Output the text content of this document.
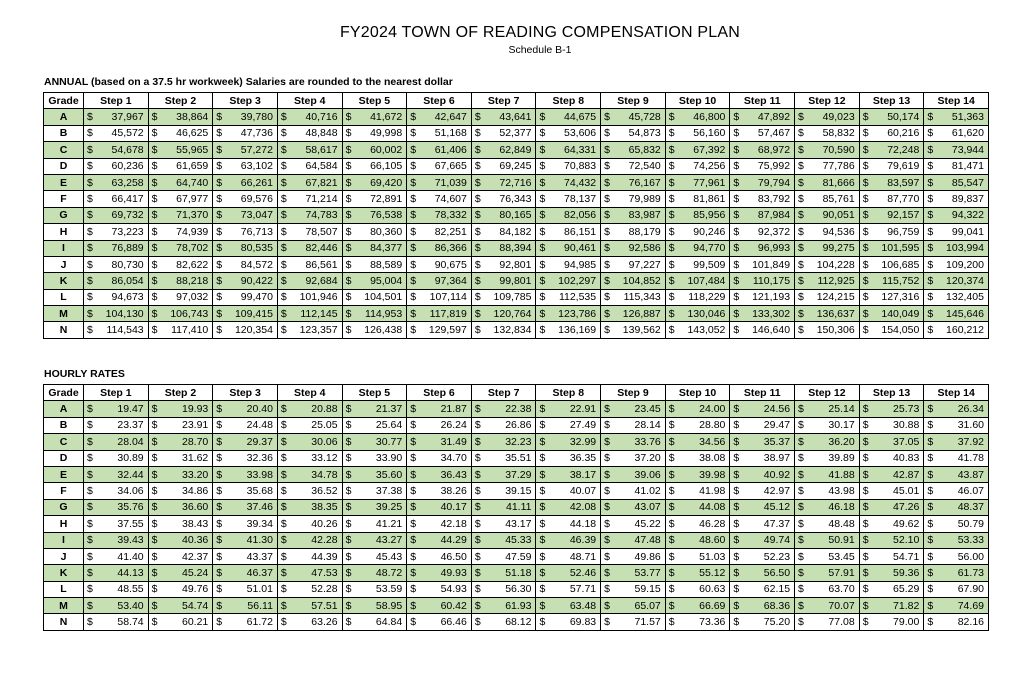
FY2024 TOWN OF READING COMPENSATION PLAN
Schedule B-1
ANNUAL (based on a 37.5 hr workweek) Salaries are rounded to the nearest dollar
Grade	Step 1	Step 2	Step 3	Step 4	Step 5	Step 6	Step 7	Step 8	Step 9	Step 10	Step 11	Step 12	Step 13	Step 14
A	$ 37,967	$ 38,864	$ 39,780	$ 40,716	$ 41,672	$ 42,647	$ 43,641	$ 44,675	$ 45,728	$ 46,800	$ 47,892	$ 49,023	$ 50,174	$ 51,363

B	$ 45,572	$ 46,625	$ 47,736	$ 48,848	$ 49,998	$ 51,168	$ 52,377	$ 53,606	$ 54,873	$ 56,160	$ 57,467	$ 58,832	$ 60,216	$ 61,620

C	$ 54,678	$ 55,965	$ 57,272	$ 58,617	$ 60,002	$ 61,406	$ 62,849	$ 64,331	$ 65,832	$ 67,392	$ 68,972	$ 70,590	$ 72,248	$ 73,944

D	$ 60,236	$ 61,659	$ 63,102	$ 64,584	$ 66,105	$ 67,665	$ 69,245	$ 70,883	$ 72,540	$ 74,256	$ 75,992	$ 77,786	$ 79,619	$ 81,471

E	$ 63,258	$ 64,740	$ 66,261	$ 67,821	$ 69,420	$ 71,039	$ 72,716	$ 74,432	$ 76,167	$ 77,961	$ 79,794	$ 81,666	$ 83,597	$ 85,547

F	$ 66,417	$ 67,977	$ 69,576	$ 71,214	$ 72,891	$ 74,607	$ 76,343	$ 78,137	$ 79,989	$ 81,861	$ 83,792	$ 85,761	$ 87,770	$ 89,837

G	$ 69,732	$ 71,370	$ 73,047	$ 74,783	$ 76,538	$ 78,332	$ 80,165	$ 82,056	$ 83,987	$ 85,956	$ 87,984	$ 90,051	$ 92,157	$ 94,322

H	$ 73,223	$ 74,939	$ 76,713	$ 78,507	$ 80,360	$ 82,251	$ 84,182	$ 86,151	$ 88,179	$ 90,246	$ 92,372	$ 94,536	$ 96,759	$ 99,041

I	$ 76,889	$ 78,702	$ 80,535	$ 82,446	$ 84,377	$ 86,366	$ 88,394	$ 90,461	$ 92,586	$ 94,770	$ 96,993	$ 99,275	$ 101,595	$ 103,994

J	$ 80,730	$ 82,622	$ 84,572	$ 86,561	$ 88,589	$ 90,675	$ 92,801	$ 94,985	$ 97,227	$ 99,509	$ 101,849	$ 104,228	$ 106,685	$ 109,200

K	$ 86,054	$ 88,218	$ 90,422	$ 92,684	$ 95,004	$ 97,364	$ 99,801	$ 102,297	$ 104,852	$ 107,484	$ 110,175	$ 112,925	$ 115,752	$ 120,374

L	$ 94,673	$ 97,032	$ 99,470	$ 101,946	$ 104,501	$ 107,114	$ 109,785	$ 112,535	$ 115,343	$ 118,229	$ 121,193	$ 124,215	$ 127,316	$ 132,405

M	$ 104,130	$ 106,743	$ 109,415	$ 112,145	$ 114,953	$ 117,819	$ 120,764	$ 123,786	$ 126,887	$ 130,046	$ 133,302	$ 136,637	$ 140,049	$ 145,646

N	$ 114,543	$ 117,410	$ 120,354	$ 123,357	$ 126,438	$ 129,597	$ 132,834	$ 136,169	$ 139,562	$ 143,052	$ 146,640	$ 150,306	$ 154,050	$ 160,212
HOURLY RATES
Grade	Step 1	Step 2	Step 3	Step 4	Step 5	Step 6	Step 7	Step 8	Step 9	Step 10	Step 11	Step 12	Step 13	Step 14
A	$ 19.47	$ 19.93	$ 20.40	$ 20.88	$ 21.37	$ 21.87	$ 22.38	$ 22.91	$ 23.45	$ 24.00	$ 24.56	$ 25.14	$ 25.73	$ 26.34

B	$ 23.37	$ 23.91	$ 24.48	$ 25.05	$ 25.64	$ 26.24	$ 26.86	$ 27.49	$ 28.14	$ 28.80	$ 29.47	$ 30.17	$ 30.88	$ 31.60

C	$ 28.04	$ 28.70	$ 29.37	$ 30.06	$ 30.77	$ 31.49	$ 32.23	$ 32.99	$ 33.76	$ 34.56	$ 35.37	$ 36.20	$ 37.05	$ 37.92

D	$ 30.89	$ 31.62	$ 32.36	$ 33.12	$ 33.90	$ 34.70	$ 35.51	$ 36.35	$ 37.20	$ 38.08	$ 38.97	$ 39.89	$ 40.83	$ 41.78

E	$ 32.44	$ 33.20	$ 33.98	$ 34.78	$ 35.60	$ 36.43	$ 37.29	$ 38.17	$ 39.06	$ 39.98	$ 40.92	$ 41.88	$ 42.87	$ 43.87

F	$ 34.06	$ 34.86	$ 35.68	$ 36.52	$ 37.38	$ 38.26	$ 39.15	$ 40.07	$ 41.02	$ 41.98	$ 42.97	$ 43.98	$ 45.01	$ 46.07

G	$ 35.76	$ 36.60	$ 37.46	$ 38.35	$ 39.25	$ 40.17	$ 41.11	$ 42.08	$ 43.07	$ 44.08	$ 45.12	$ 46.18	$ 47.26	$ 48.37

H	$ 37.55	$ 38.43	$ 39.34	$ 40.26	$ 41.21	$ 42.18	$ 43.17	$ 44.18	$ 45.22	$ 46.28	$ 47.37	$ 48.48	$ 49.62	$ 50.79

I	$ 39.43	$ 40.36	$ 41.30	$ 42.28	$ 43.27	$ 44.29	$ 45.33	$ 46.39	$ 47.48	$ 48.60	$ 49.74	$ 50.91	$ 52.10	$ 53.33

J	$ 41.40	$ 42.37	$ 43.37	$ 44.39	$ 45.43	$ 46.50	$ 47.59	$ 48.71	$ 49.86	$ 51.03	$ 52.23	$ 53.45	$ 54.71	$ 56.00

K	$ 44.13	$ 45.24	$ 46.37	$ 47.53	$ 48.72	$ 49.93	$ 51.18	$ 52.46	$ 53.77	$ 55.12	$ 56.50	$ 57.91	$ 59.36	$ 61.73

L	$ 48.55	$ 49.76	$ 51.01	$ 52.28	$ 53.59	$ 54.93	$ 56.30	$ 57.71	$ 59.15	$ 60.63	$ 62.15	$ 63.70	$ 65.29	$ 67.90

M	$ 53.40	$ 54.74	$ 56.11	$ 57.51	$ 58.95	$ 60.42	$ 61.93	$ 63.48	$ 65.07	$ 66.69	$ 68.36	$ 70.07	$ 71.82	$ 74.69

N	$ 58.74	$ 60.21	$ 61.72	$ 63.26	$ 64.84	$ 66.46	$ 68.12	$ 69.83	$ 71.57	$ 73.36	$ 75.20	$ 77.08	$ 79.00	$ 82.16
